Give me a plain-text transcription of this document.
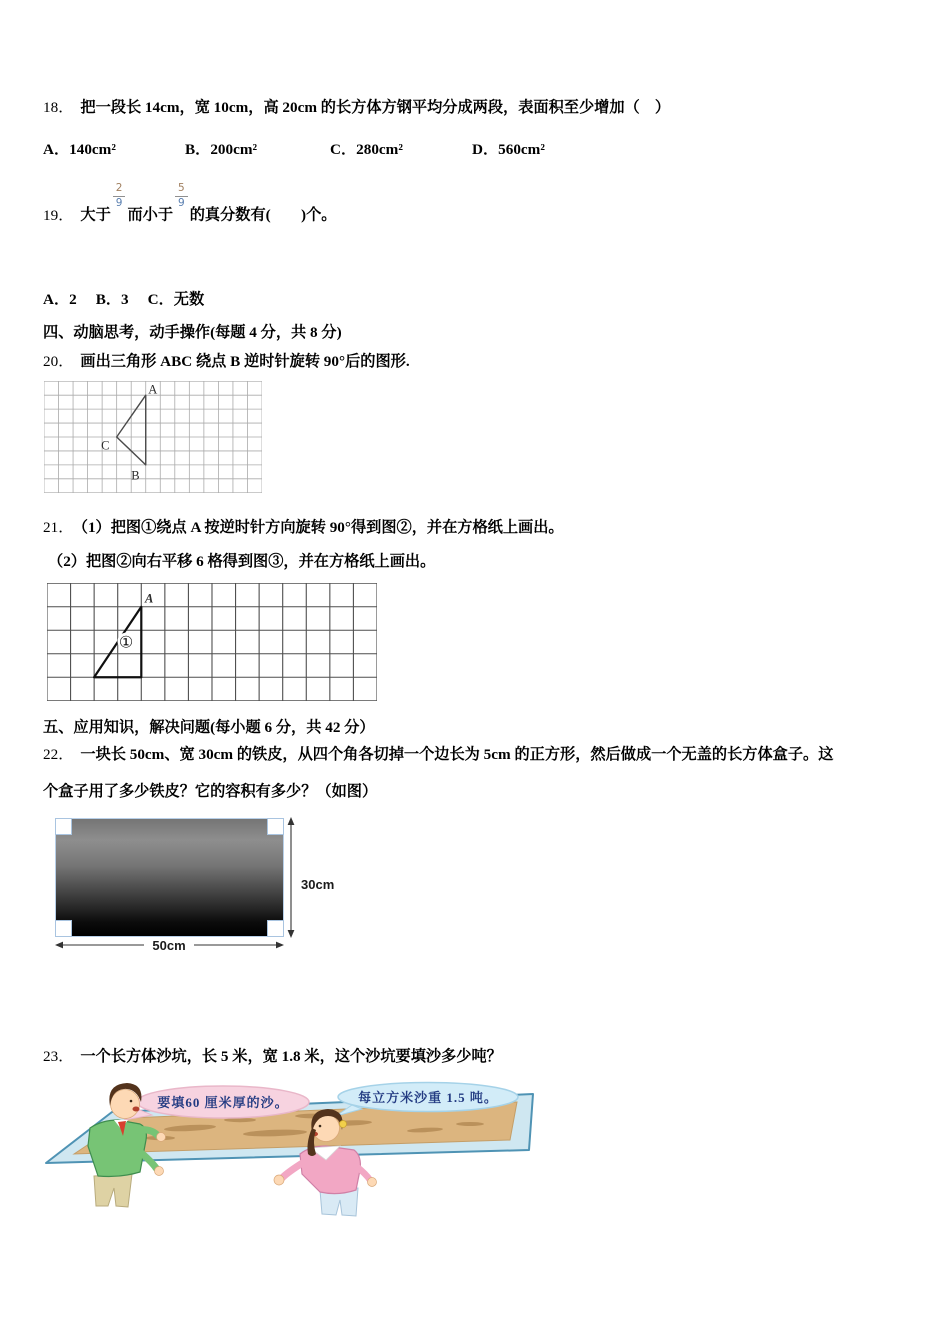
18． 把一段长 14cm，宽 10cm，高 20cm 的长方体方钢平均分成两段，表面积至少增加（　）
A．140cm²	B．200cm²	C．280cm²	D．560cm²
19． 大于
$\frac{2}{9}$
而小于
$\frac{5}{9}$
的真分数有(　　)个。
A．2　 B．3　 C．无数
四、动脑思考，动手操作(每题 4 分，共 8 分)
20． 画出三角形 ABC 绕点 B 逆时针旋转 90°后的图形.
A
B
C
21． （1）把图①绕点 A 按逆时针方向旋转 90°得到图②，并在方格纸上画出。
（2）把图②向右平移 6 格得到图③，并在方格纸上画出。
A
①
五、应用知识，解决问题(每小题 6 分，共 42 分）
22． 一块长 50cm、宽 30cm 的铁皮，从四个角各切掉一个边长为 5cm 的正方形，然后做成一个无盖的长方体盒子。这
个盒子用了多少铁皮？它的容积有多少？（如图）
30cm
50cm
23． 一个长方体沙坑，长 5 米，宽 1.8 米，这个沙坑要填沙多少吨？
要填60 厘米厚的沙。	每立方米沙重 1.5 吨。
